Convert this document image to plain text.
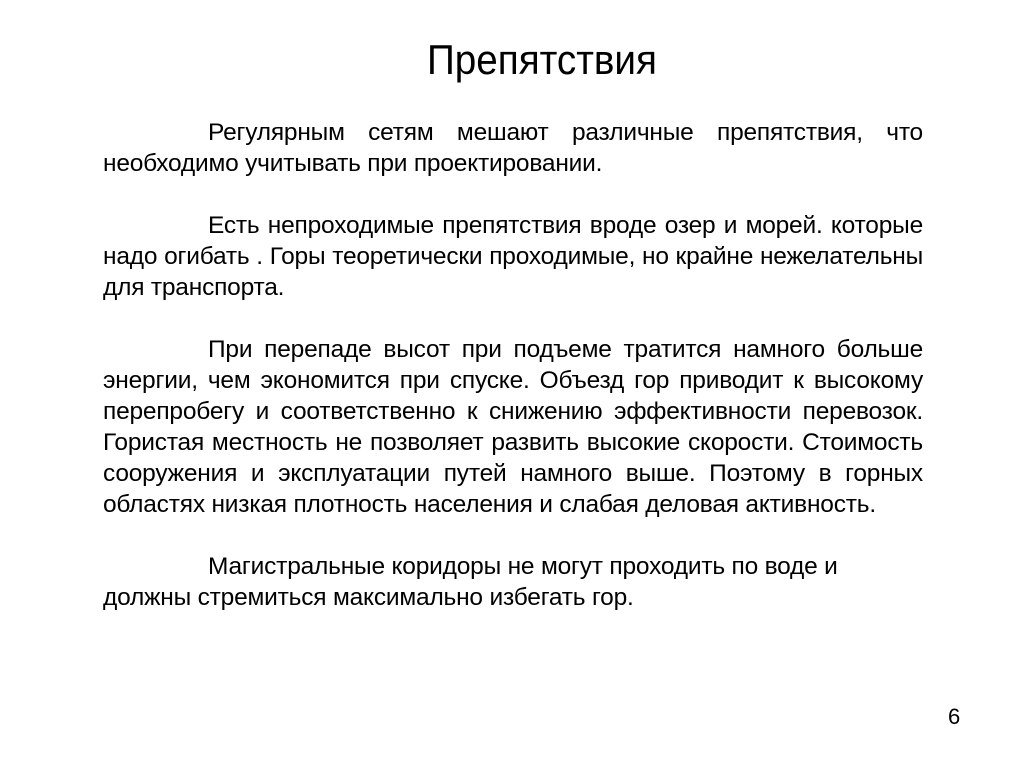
Препятствия

Регулярным сетям мешают различные препятствия, что необходимо учитывать при проектировании.

Есть непроходимые препятствия вроде озер и морей. которые надо огибать . Горы теоретически проходимые, но крайне нежелательны для транспорта.

При перепаде высот при подъеме тратится намного больше энергии, чем экономится при спуске. Объезд гор приводит к высокому перепробегу и соответственно к снижению эффективности перевозок. Гористая местность не позволяет развить высокие скорости. Стоимость сооружения и эксплуатации путей намного выше. Поэтому в горных областях низкая плотность населения и слабая деловая активность.

Магистральные коридоры не могут проходить по воде и должны стремиться максимально избегать гор.

6
